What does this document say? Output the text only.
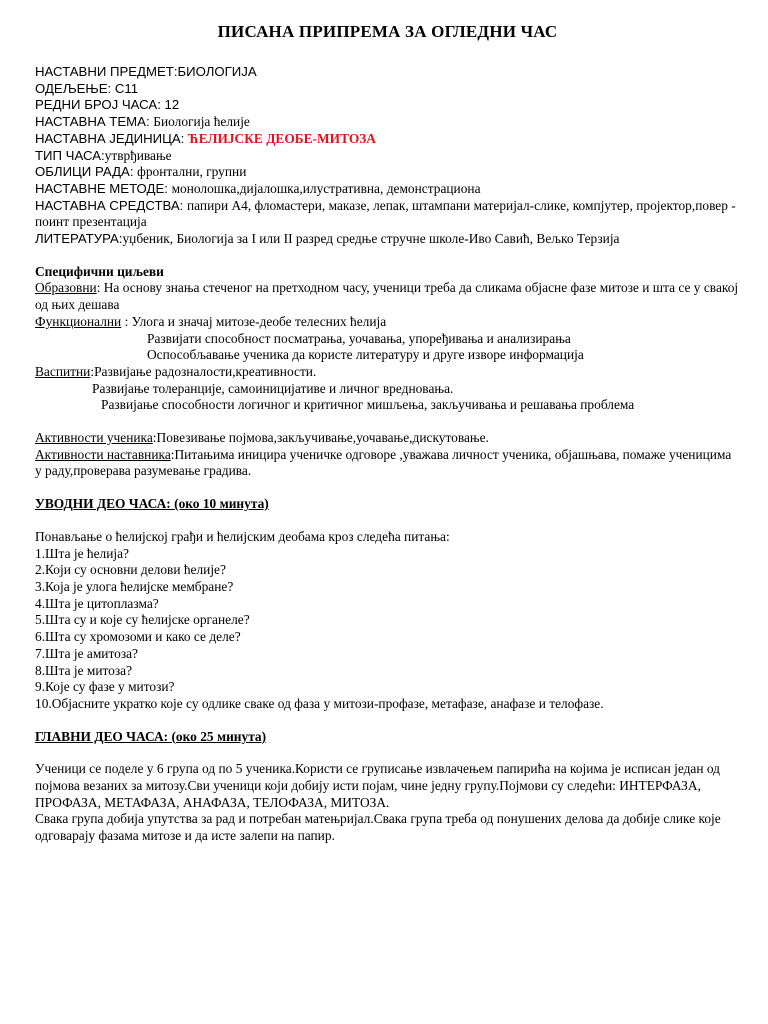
ПИСАНА ПРИПРЕМА ЗА ОГЛЕДНИ ЧАС
НАСТАВНИ ПРЕДМЕТ:БИОЛОГИЈА
ОДЕЉЕЊЕ: С11
РЕДНИ БРОЈ ЧАСА: 12
НАСТАВНА ТЕМА: Биологија ћелије
НАСТАВНА ЈЕДИНИЦА: ЋЕЛИЈСКЕ ДЕОБЕ-МИТОЗА
ТИП ЧАСА:утврђивање
ОБЛИЦИ РАДА: фронтални, групни
НАСТАВНЕ МЕТОДЕ: монолошка,дијалошка,илустративна, демонстрациона
НАСТАВНА СРЕДСТВА: папири А4, фломастери, маказе, лепак, штампани материјал-слике, компјутер, пројектор,повер - поинт презентација
ЛИТЕРАТУРА:уџбеник, Биологија за I или II разред средње стручне школе-Иво Савић, Вељко Терзија
Специфични циљеви
Образовни: На основу знања стеченог на претходном часу, ученици треба да сликама објасне фазе митозе и шта се у свакој од њих дешава
Функционални : Улога и значај митозе-деобе телесних ћелија
Развијати способност посматрања, уочавања, упоређивања и анализирања
Оспособљавање ученика да користе литературу и друге изворе информација
Васпитни:Развијање радозналости,креативности.
Развијање толеранције, самоиницијативе и личног вредновања.
Развијање способности логичног и критичног мишљења, закључивања и решавања проблема
Активности ученика:Повезивање појмова,закључивање,уочавање,дискутовање.
Активности наставника:Питањима иницира ученичке одговоре ,уважава личност ученика, објашњава, помаже ученицима у раду,проверава разумевање градива.
УВОДНИ ДЕО ЧАСА: (око 10 минута)
Понављање о ћелијској грађи и ћелијским деобама кроз следећа питања:
1.Шта је ћелија?
2.Који су основни делови ћелије?
3.Која је улога ћелијске мембране?
4.Шта је цитоплазма?
5.Шта су и које су ћелијске органеле?
6.Шта су хромозоми и како се деле?
7.Шта је амитоза?
8.Шта је митоза?
9.Које су фазе у митози?
10.Објасните укратко које су одлике сваке од фаза у митози-профазе, метафазе, анафазе и телофазе.
ГЛАВНИ ДЕО ЧАСА: (око 25 минута)
Ученици се поделе у 6 група од по 5 ученика.Користи се груписање извлачењем папирића на којима је исписан један од појмова везаних за митозу.Сви ученици који добију исти појам, чине једну групу.Појмови су следећи: ИНТЕРФАЗА, ПРОФАЗА, МЕТАФАЗА, АНАФАЗА, ТЕЛОФАЗА, МИТОЗА.
Свака група добија упутства за рад и потребан матењријал.Свака група треба од понушених делова да добије слике које одговарају фазама митозе и да исте залепи на папир.
